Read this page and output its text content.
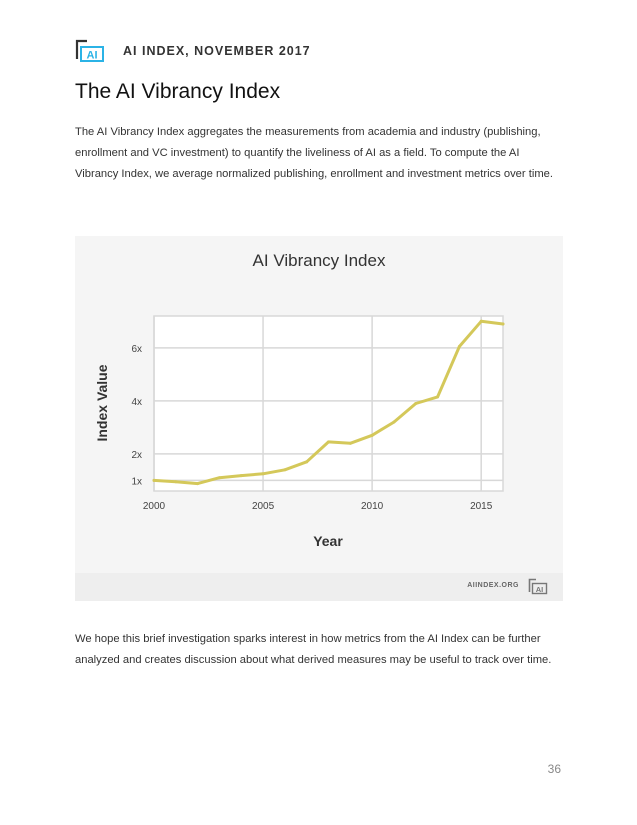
AI AI INDEX, NOVEMBER 2017
The AI Vibrancy Index

The AI Vibrancy Index aggregates the measurements from academia and industry (publishing, enrollment and VC investment) to quantify the liveliness of AI as a field. To compute the AI Vibrancy Index, we average normalized publishing, enrollment and investment metrics over time.

AI Vibrancy Index
1x
2x
4x
6x
2000	2005	2010	2015
Year
Index Value
AIINDEX.ORG AI

We hope this brief investigation sparks interest in how metrics from the AI Index can be further analyzed and creates discussion about what derived measures may be useful to track over time.

36
